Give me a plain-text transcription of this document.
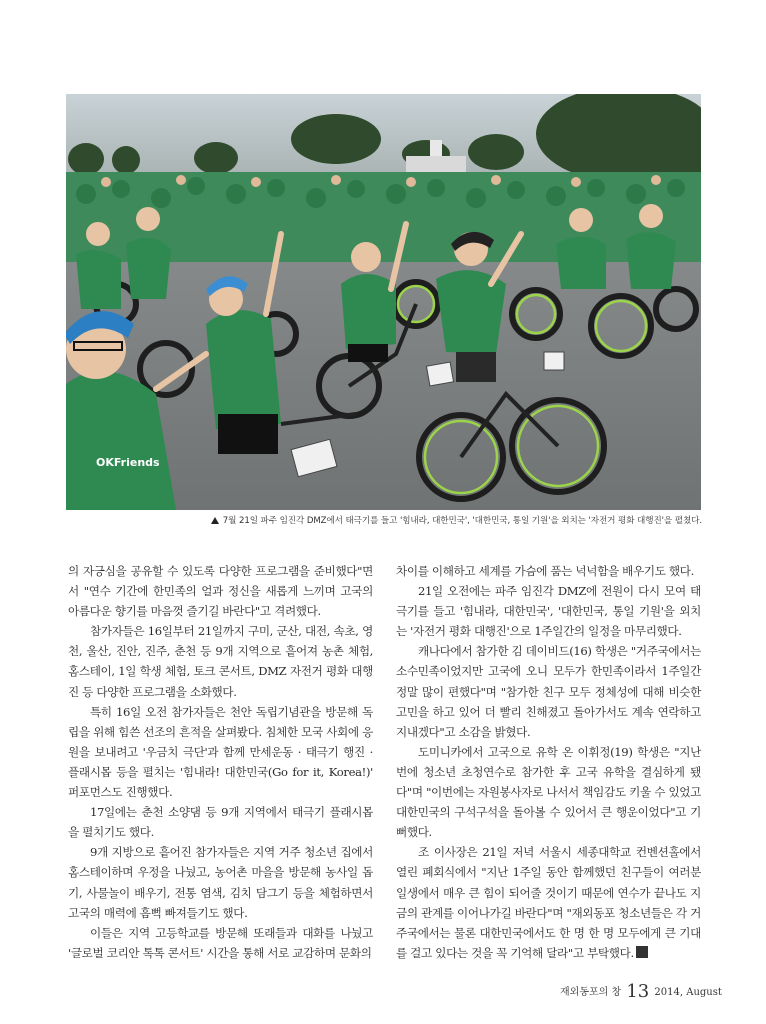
OKFriends
7월 21일 파주 임진각 DMZ에서 태극기를 들고 '힘내라, 대한민국', '대한민국, 통일 기원'을 외치는 '자전거 평화 대행진'을 펼쳤다.

의 자긍심을 공유할 수 있도록 다양한 프로그램을 준비했다"면서 "연수 기간에 한민족의 얼과 정신을 새롭게 느끼며 고국의 아름다운 향기를 마음껏 즐기길 바란다"고 격려했다.

참가자들은 16일부터 21일까지 구미, 군산, 대전, 속초, 영천, 울산, 진안, 진주, 춘천 등 9개 지역으로 흩어져 농촌 체험, 홈스테이, 1일 학생 체험, 토크 콘서트, DMZ 자전거 평화 대행진 등 다양한 프로그램을 소화했다.

특히 16일 오전 참가자들은 천안 독립기념관을 방문해 독립을 위해 힘쓴 선조의 흔적을 살펴봤다. 침체한 모국 사회에 응원을 보내려고 '우금치 극단'과 함께 만세운동 · 태극기 행진 · 플래시몹 등을 펼치는 '힘내라! 대한민국(Go for it, Korea!)' 퍼포먼스도 진행했다.

17일에는 춘천 소양댐 등 9개 지역에서 태극기 플래시몹을 펼치기도 했다.

9개 지방으로 흩어진 참가자들은 지역 거주 청소년 집에서 홈스테이하며 우정을 나눴고, 농어촌 마을을 방문해 농사일 돕기, 사물놀이 배우기, 전통 염색, 김치 담그기 등을 체험하면서 고국의 매력에 흠뻑 빠져들기도 했다.

이들은 지역 고등학교를 방문해 또래들과 대화를 나눴고 '글로벌 코리안 톡톡 콘서트' 시간을 통해 서로 교감하며 문화의

차이를 이해하고 세계를 가슴에 품는 넉넉함을 배우기도 했다.

21일 오전에는 파주 임진각 DMZ에 전원이 다시 모여 태극기를 들고 '힘내라, 대한민국', '대한민국, 통일 기원'을 외치는 '자전거 평화 대행진'으로 1주일간의 일정을 마무리했다.

캐나다에서 참가한 김 데이비드(16) 학생은 "거주국에서는 소수민족이었지만 고국에 오니 모두가 한민족이라서 1주일간 정말 많이 편했다"며 "참가한 친구 모두 정체성에 대해 비슷한 고민을 하고 있어 더 빨리 친해졌고 돌아가서도 계속 연락하고 지내겠다"고 소감을 밝혔다.

도미니카에서 고국으로 유학 온 이휘정(19) 학생은 "지난번에 청소년 초청연수로 참가한 후 고국 유학을 결심하게 됐다"며 "이번에는 자원봉사자로 나서서 책임감도 키울 수 있었고 대한민국의 구석구석을 돌아볼 수 있어서 큰 행운이었다"고 기뻐했다.

조 이사장은 21일 저녁 서울시 세종대학교 컨벤션홀에서 열린 폐회식에서 "지난 1주일 동안 함께했던 친구들이 여러분 일생에서 매우 큰 힘이 되어줄 것이기 때문에 연수가 끝나도 지금의 관계를 이어나가길 바란다"며 "재외동포 청소년들은 각 거주국에서는 물론 대한민국에서도 한 명 한 명 모두에게 큰 기대를 걸고 있다는 것을 꼭 기억해 달라"고 부탁했다.

재외동포의 창 13 2014, August
